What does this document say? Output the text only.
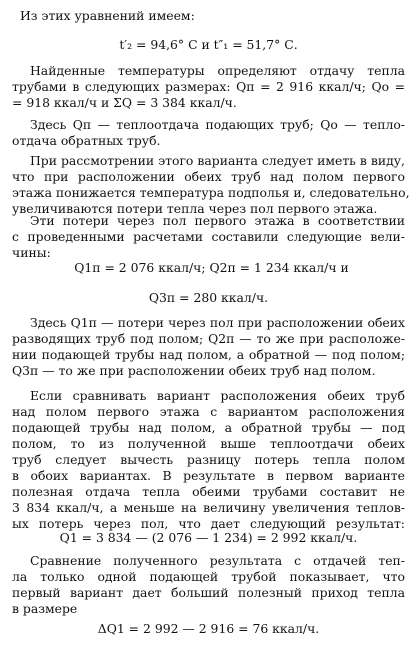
Из этих уравнений имеем:
t′₂ = 94,6° С и t″₁ = 51,7° С.
Найденные температуры определяют отдачу тепла
трубами в следующих размерах: Qп = 2 916 ккал/ч; Qо =
= 918 ккал/ч и ΣQ = 3 384 ккал/ч.
Здесь Qп — теплоотдача подающих труб; Qо — тепло-
отдача обратных труб.
При рассмотрении этого варианта следует иметь в виду,
что при расположении обеих труб над полом первого
этажа понижается температура подполья и, следовательно,
увеличиваются потери тепла через пол первого этажа.
Эти потери через пол первого этажа в соответствии
с проведенными расчетами составили следующие вели-
чины:
Q1п = 2 076 ккал/ч; Q2п = 1 234 ккал/ч и
Q3п = 280 ккал/ч.
Здесь Q1п — потери через пол при расположении обеих
разводящих труб под полом; Q2п — то же при расположе-
нии подающей трубы над полом, а обратной — под полом;
Q3п — то же при расположении обеих труб над полом.
Если сравнивать вариант расположения обеих труб
над полом первого этажа с вариантом расположения
подающей трубы над полом, а обратной трубы — под
полом, то из полученной выше теплоотдачи обеих
труб следует вычесть разницу потерь тепла полом
в обоих вариантах. В результате в первом варианте
полезная отдача тепла обеими трубами составит не
3 834 ккал/ч, а меньше на величину увеличения теплов-
ых потерь через пол, что дает следующий результат:
Q1 = 3 834 — (2 076 — 1 234) = 2 992 ккал/ч.
Сравнение полученного результата с отдачей теп-
ла только одной подающей трубой показывает, что
первый вариант дает больший полезный приход тепла
в размере
ΔQ1 = 2 992 — 2 916 = 76 ккал/ч.
